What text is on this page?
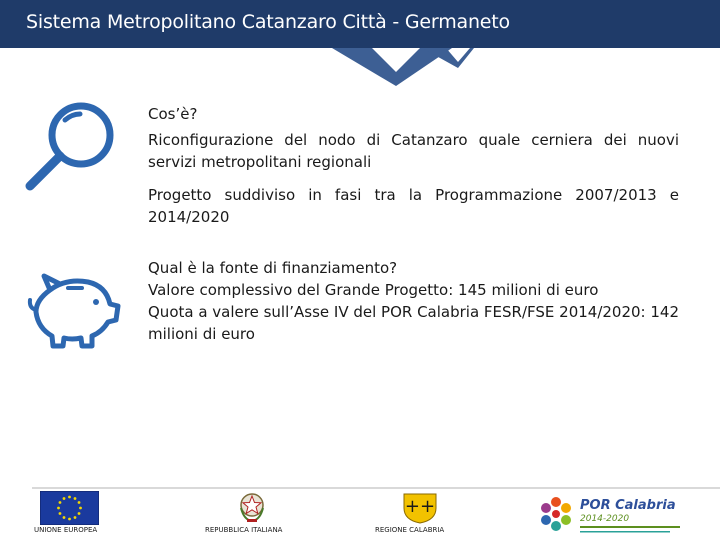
Sistema Metropolitano Catanzaro Città - Germaneto

Cos’è?

Riconfigurazione del nodo di Catanzaro quale cerniera dei nuovi servizi metropolitani regionali

Progetto suddiviso in fasi tra la Programmazione 2007/2013 e 2014/2020

Qual è la fonte di finanziamento?

Valore complessivo del Grande Progetto: 145 milioni di euro

Quota a valere sull’Asse IV del POR Calabria FESR/FSE 2014/2020: 142 milioni di euro

UNIONE EUROPEA	REPUBBLICA ITALIANA
++
REGIONE CALABRIA
POR Calabria
2014-2020
